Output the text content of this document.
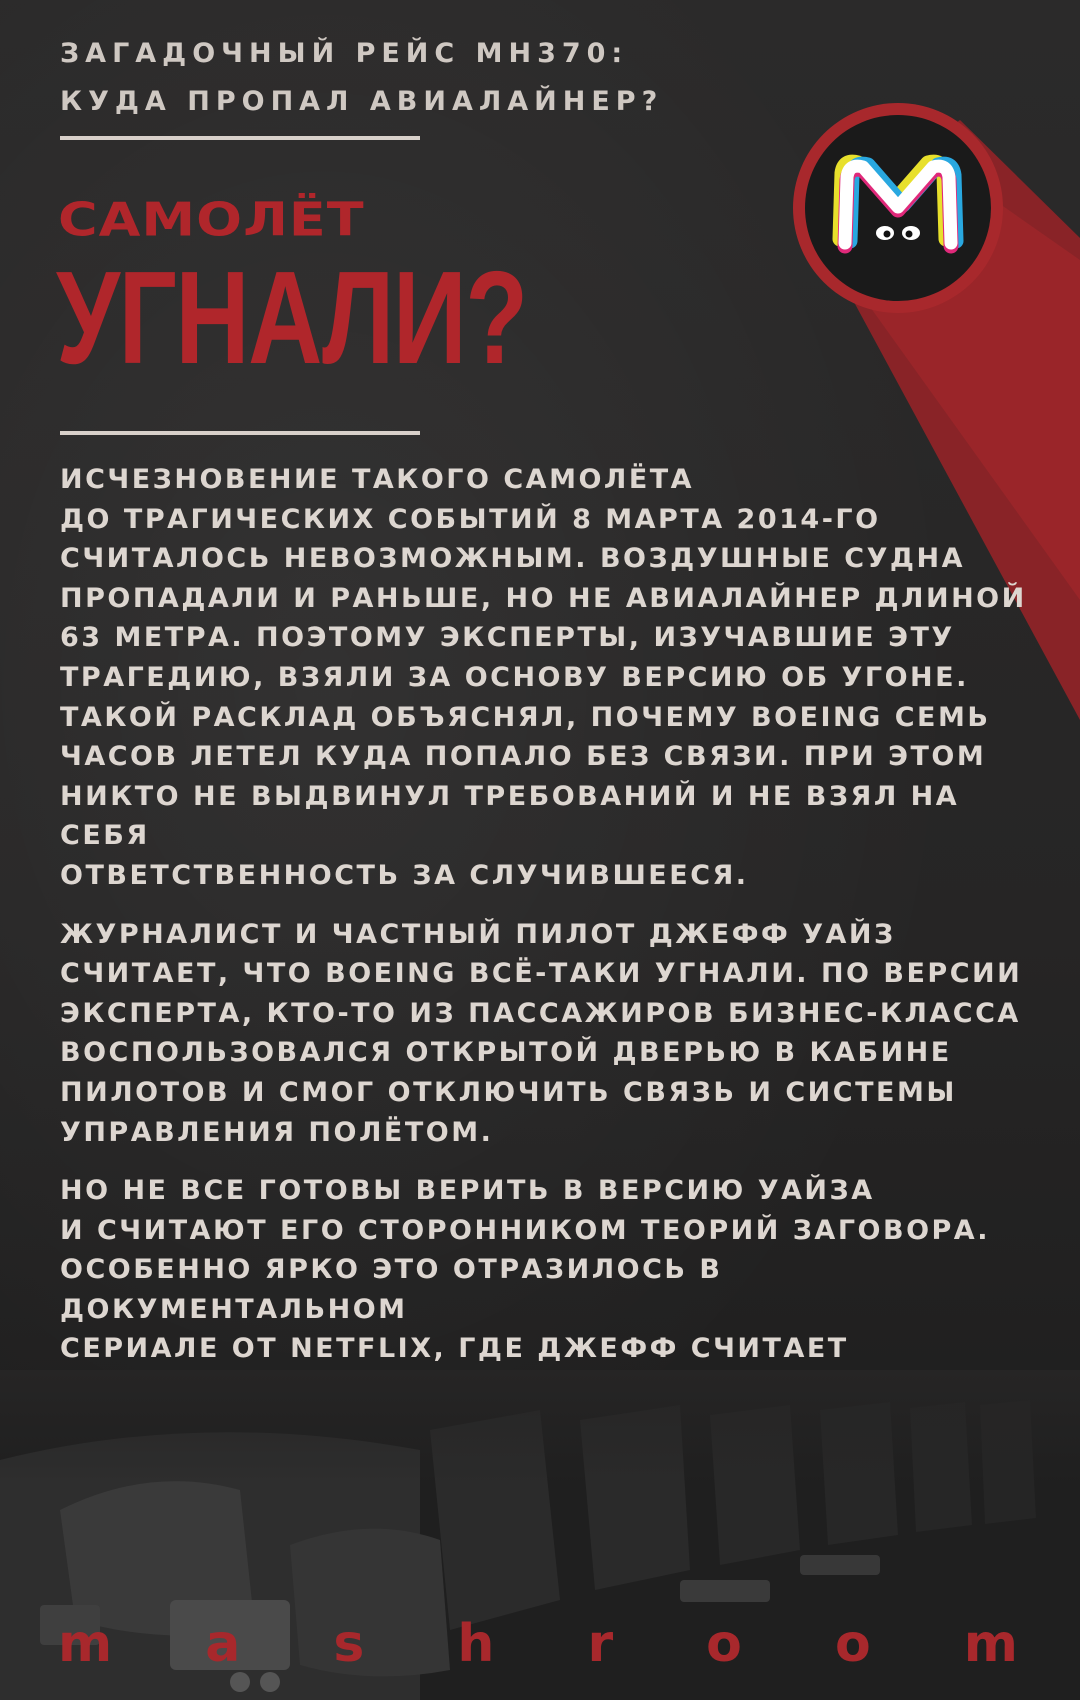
ЗАГАДОЧНЫЙ РЕЙС MH370:
КУДА ПРОПАЛ АВИАЛАЙНЕР?
САМОЛЁТ
УГНАЛИ?

ИСЧЕЗНОВЕНИЕ ТАКОГО САМОЛЁТА
ДО ТРАГИЧЕСКИХ СОБЫТИЙ 8 МАРТА 2014-ГО
СЧИТАЛОСЬ НЕВОЗМОЖНЫМ. ВОЗДУШНЫЕ СУДНА
ПРОПАДАЛИ И РАНЬШЕ, НО НЕ АВИАЛАЙНЕР ДЛИНОЙ
63 МЕТРА. ПОЭТОМУ ЭКСПЕРТЫ, ИЗУЧАВШИЕ ЭТУ
ТРАГЕДИЮ, ВЗЯЛИ ЗА ОСНОВУ ВЕРСИЮ ОБ УГОНЕ.
ТАКОЙ РАСКЛАД ОБЪЯСНЯЛ, ПОЧЕМУ BOEING СЕМЬ
ЧАСОВ ЛЕТЕЛ КУДА ПОПАЛО БЕЗ СВЯЗИ. ПРИ ЭТОМ
НИКТО НЕ ВЫДВИНУЛ ТРЕБОВАНИЙ И НЕ ВЗЯЛ НА СЕБЯ
ОТВЕТСТВЕННОСТЬ ЗА СЛУЧИВШЕЕСЯ.

ЖУРНАЛИСТ И ЧАСТНЫЙ ПИЛОТ ДЖЕФФ УАЙЗ
СЧИТАЕТ, ЧТО BOEING ВСЁ-ТАКИ УГНАЛИ. ПО ВЕРСИИ
ЭКСПЕРТА, КТО-ТО ИЗ ПАССАЖИРОВ БИЗНЕС-КЛАССА
ВОСПОЛЬЗОВАЛСЯ ОТКРЫТОЙ ДВЕРЬЮ В КАБИНЕ
ПИЛОТОВ И СМОГ ОТКЛЮЧИТЬ СВЯЗЬ И СИСТЕМЫ
УПРАВЛЕНИЯ ПОЛЁТОМ.

НО НЕ ВСЕ ГОТОВЫ ВЕРИТЬ В ВЕРСИЮ УАЙЗА
И СЧИТАЮТ ЕГО СТОРОННИКОМ ТЕОРИЙ ЗАГОВОРА.
ОСОБЕННО ЯРКО ЭТО ОТРАЗИЛОСЬ В ДОКУМЕНТАЛЬНОМ
СЕРИАЛЕ ОТ NETFLIX, ГДЕ ДЖЕФФ СЧИТАЕТ

m a s h r o o m
